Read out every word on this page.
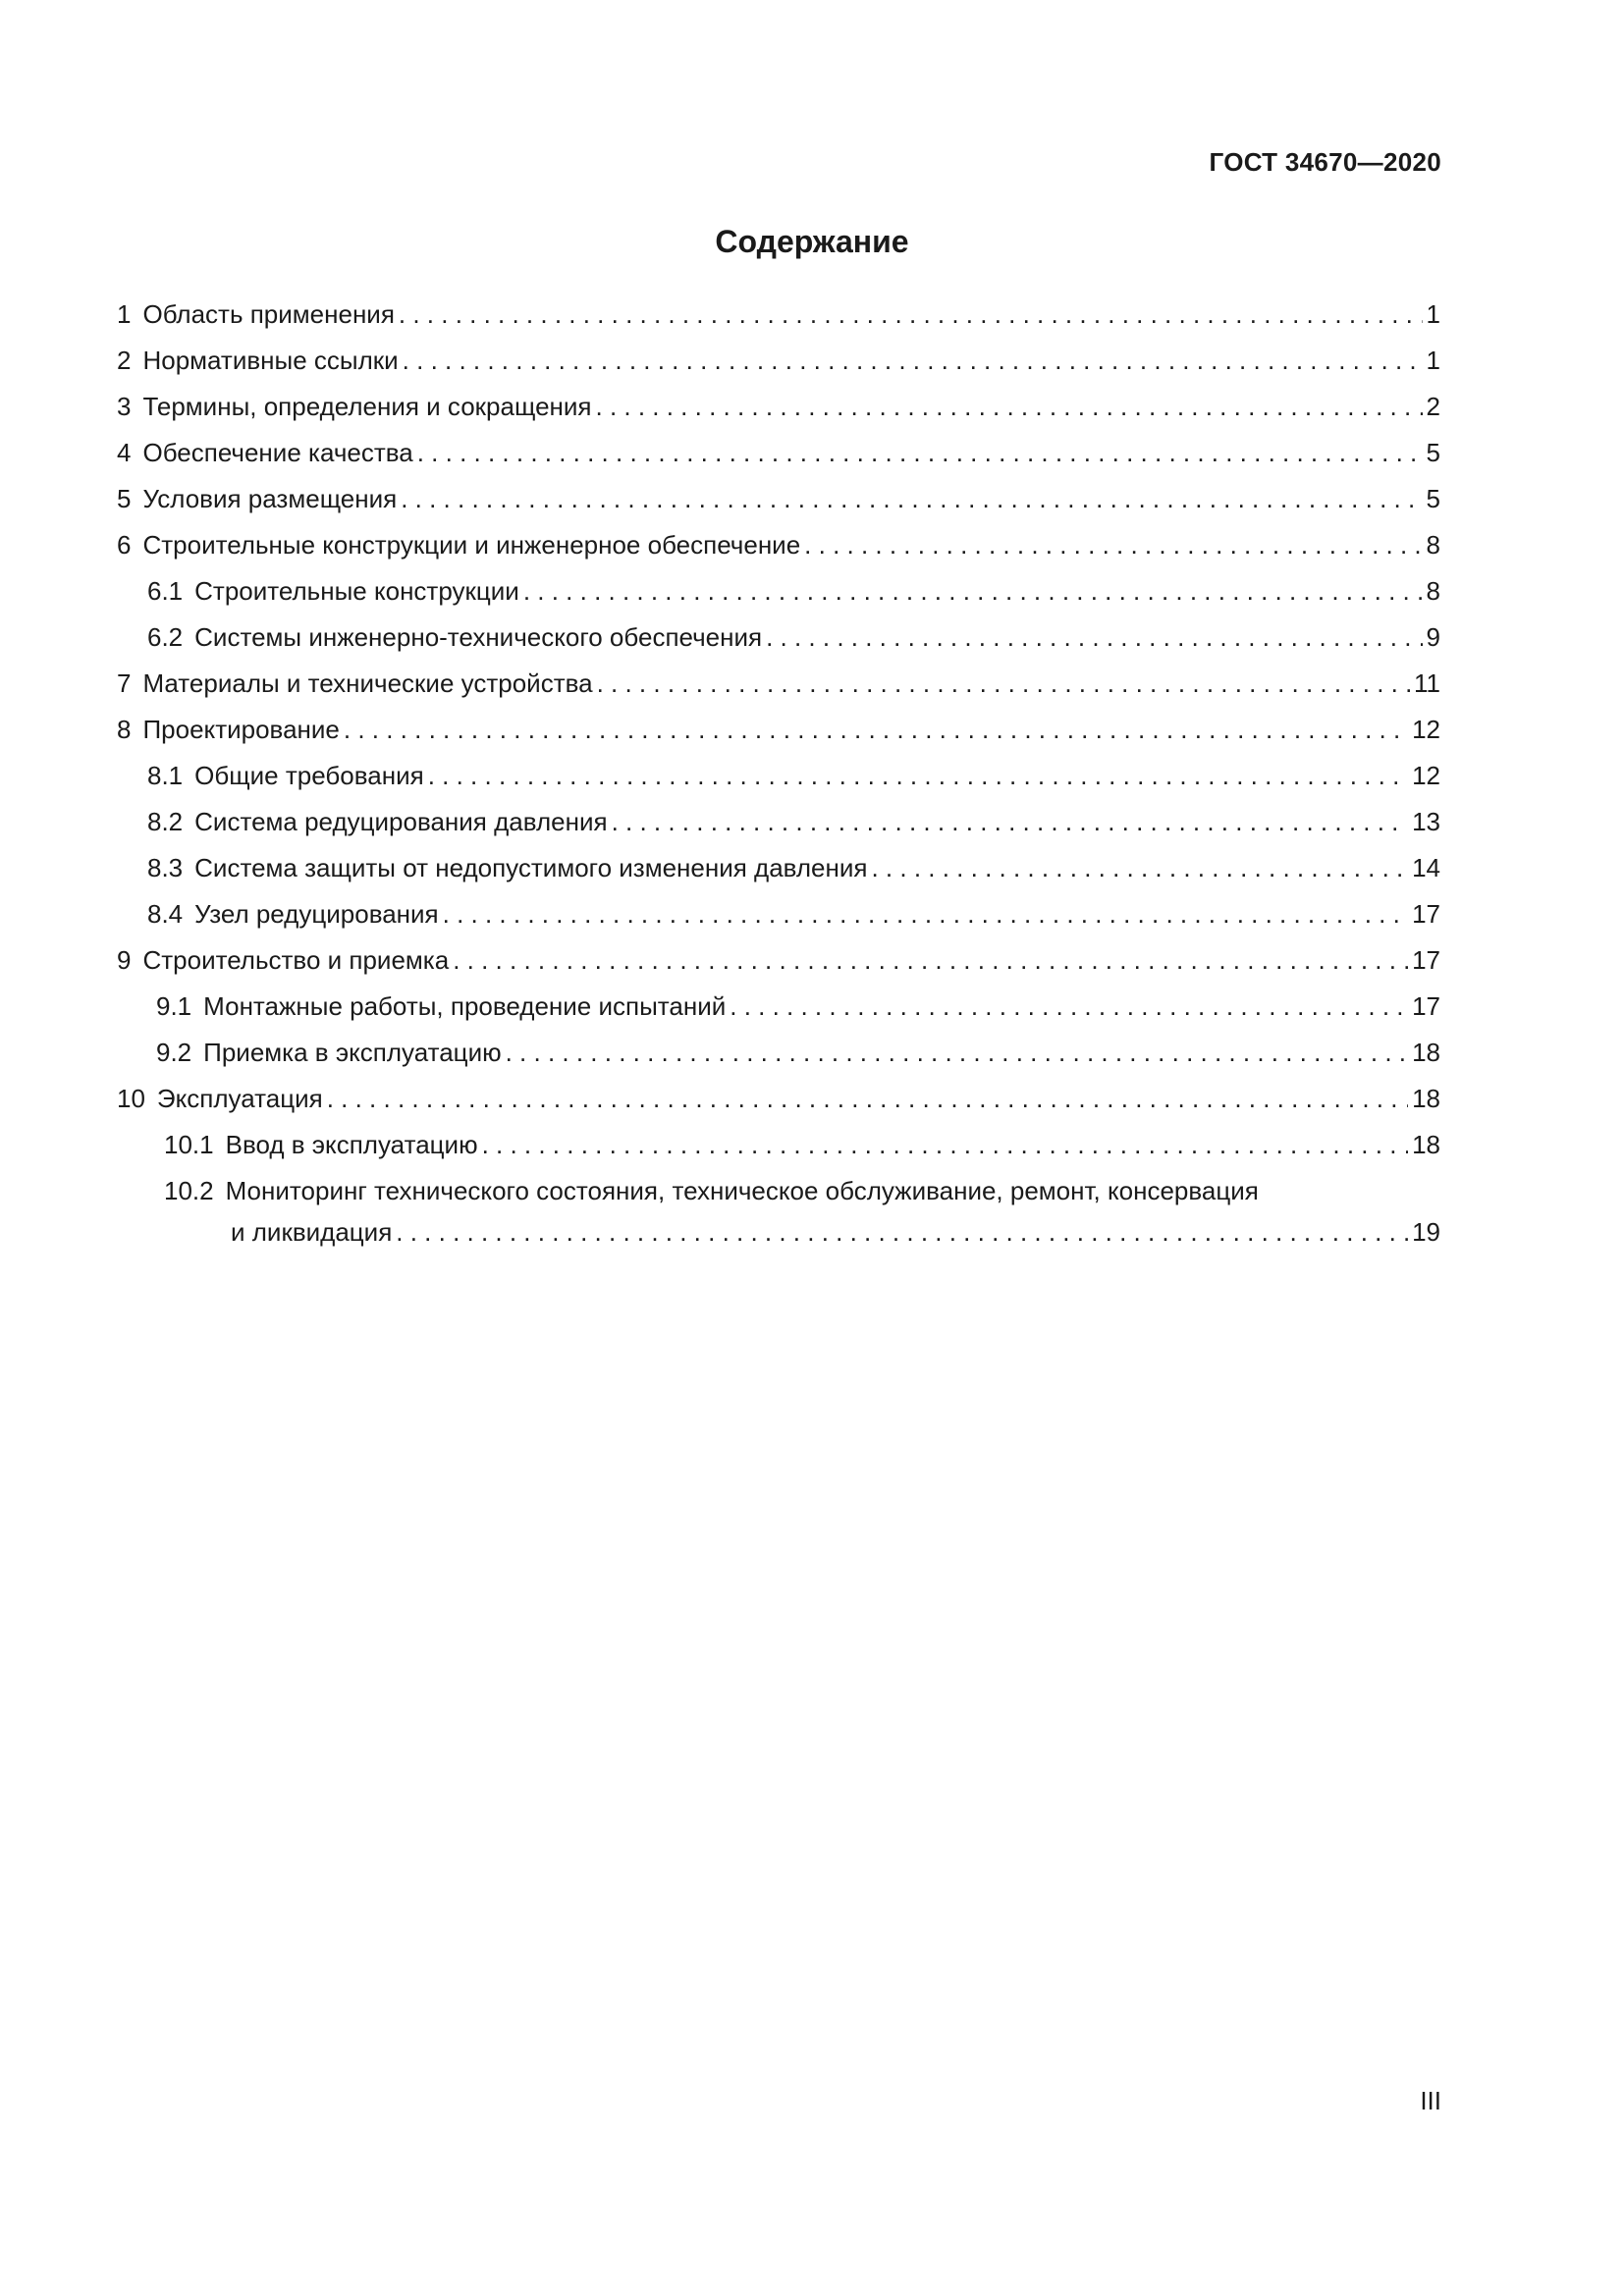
ГОСТ 34670—2020
Содержание
1 Область применения . . .	1
2 Нормативные ссылки . . .	1
3 Термины, определения и сокращения . . .	2
4 Обеспечение качества . . .	5
5 Условия размещения . . .	5
6 Строительные конструкции и инженерное обеспечение . . .	8
6.1 Строительные конструкции . . .	8
6.2 Системы инженерно-технического обеспечения . . .	9
7 Материалы и технические устройства . . .	11
8 Проектирование . . .	12
8.1 Общие требования . . .	12
8.2 Система редуцирования давления . . .	13
8.3 Система защиты от недопустимого изменения давления . . .	14
8.4 Узел редуцирования . . .	17
9 Строительство и приемка . . .	17
9.1 Монтажные работы, проведение испытаний . . .	17
9.2 Приемка в эксплуатацию . . .	18
10 Эксплуатация . . .	18
10.1 Ввод в эксплуатацию . . .	18
10.2 Мониторинг технического состояния, техническое обслуживание, ремонт, консервация
и ликвидация . . .	19
III
